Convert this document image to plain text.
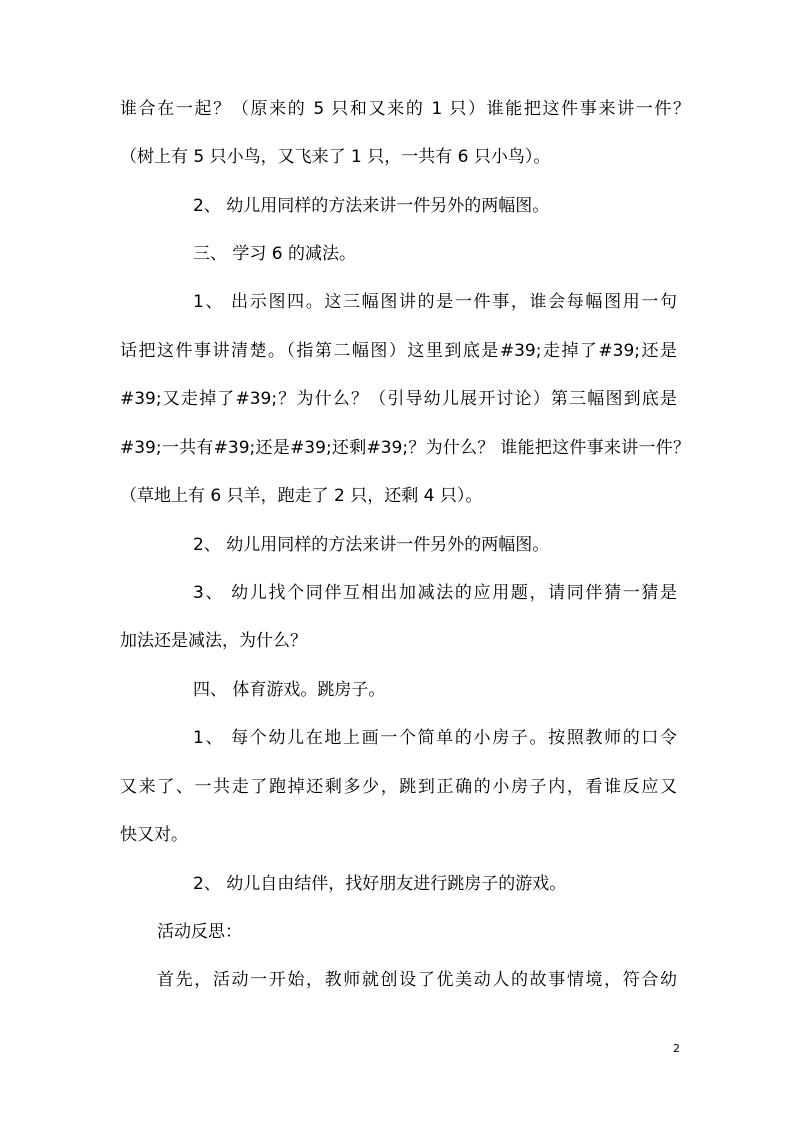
谁合在一起？（原来的 5 只和又来的 1 只）谁能把这件事来讲一件？
（树上有 5 只小鸟，又飞来了 1 只，一共有 6 只小鸟）。
2、 幼儿用同样的方法来讲一件另外的两幅图。
三、 学习 6 的减法。
1、 出示图四。这三幅图讲的是一件事，谁会每幅图用一句
话把这件事讲清楚。（指第二幅图）这里到底是#39;走掉了#39;还是
#39;又走掉了#39;？为什么？（引导幼儿展开讨论）第三幅图到底是
#39;一共有#39;还是#39;还剩#39;？为什么？ 谁能把这件事来讲一件？
（草地上有 6 只羊，跑走了 2 只，还剩 4 只）。
2、 幼儿用同样的方法来讲一件另外的两幅图。
3、 幼儿找个同伴互相出加减法的应用题，请同伴猜一猜是
加法还是减法，为什么？
四、 体育游戏。跳房子。
1、 每个幼儿在地上画一个简单的小房子。按照教师的口令
又来了、一共走了跑掉还剩多少，跳到正确的小房子内，看谁反应又
快又对。
2、 幼儿自由结伴，找好朋友进行跳房子的游戏。
活动反思：
首先，活动一开始，教师就创设了优美动人的故事情境，符合幼
2
